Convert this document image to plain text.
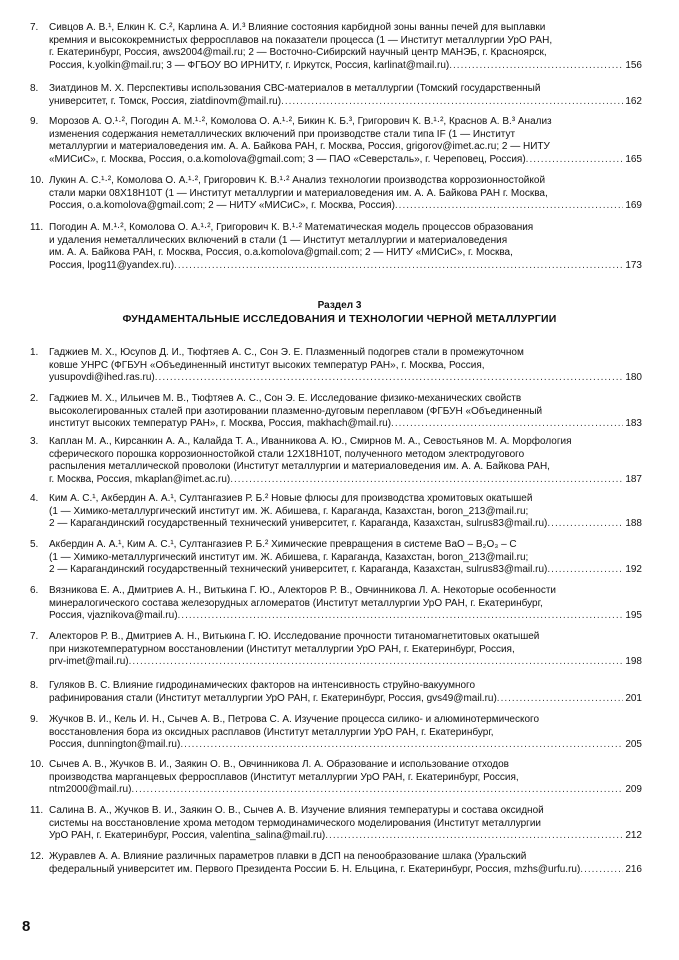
7.	Сивцов А. В.¹, Ёлкин К. С.², Карлина А. И.³ Влияние состояния карбидной зоны ванны печей для выплавки
кремния и высококремнистых ферросплавов на показатели процесса (1 — Институт металлургии УрО РАН,
г. Екатеринбург, Россия, aws2004@mail.ru; 2 — Восточно-Сибирский научный центр МАНЭБ, г. Красноярск,
Россия, k.yolkin@mail.ru; 3 — ФГБОУ ВО ИРНИТУ, г. Иркутск, Россия, karlinat@mail.ru) .....	156
8.	Зиатдинов М. Х. Перспективы использования СВС-материалов в металлургии (Томский государственный
университет, г. Томск, Россия, ziatdinovm@mail.ru) .....	162
9.	Морозов А. О.¹·², Погодин А. М.¹·², Комолова О. А.¹·², Бикин К. Б.³, Григорович К. В.¹·², Краснов А. В.³ Анализ
изменения содержания неметаллических включений при производстве стали типа IF (1 — Институт
металлургии и материаловедения им. А. А. Байкова РАН, г. Москва, Россия, grigorov@imet.ac.ru; 2 — НИТУ
«МИСиС», г. Москва, Россия, o.a.komolova@gmail.com; 3 — ПАО «Северсталь», г. Череповец, Россия) .....	165
10. Лукин А. С.¹·², Комолова О. А.¹·², Григорович К. В.¹·² Анализ технологии производства коррозионностойкой
стали марки 08Х18Н10Т (1 — Институт металлургии и материаловедения им. А. А. Байкова РАН г. Москва,
Россия, o.a.komolova@gmail.com; 2 — НИТУ «МИСиС», г. Москва, Россия) .....	169
11. Погодин А. М.¹·², Комолова О. А.¹·², Григорович К. В.¹·² Математическая модель процессов образования
и удаления неметаллических включений в стали (1 — Институт металлургии и материаловедения
им. А. А. Байкова РАН, г. Москва, Россия, o.a.komolova@gmail.com; 2 — НИТУ «МИСиС», г. Москва,
Россия, lpog11@yandex.ru) .....	173
Раздел 3
ФУНДАМЕНТАЛЬНЫЕ ИССЛЕДОВАНИЯ И ТЕХНОЛОГИИ ЧЕРНОЙ МЕТАЛЛУРГИИ
1.	Гаджиев М. Х., Юсупов Д. И., Тюфтяев А. С., Сон Э. Е. Плазменный подогрев стали в промежуточном
ковше УНРС (ФГБУН «Объединенный институт высоких температур РАН», г. Москва, Россия,
yusupovdi@ihed.ras.ru) .....	180
2.	Гаджиев М. Х., Ильичев М. В., Тюфтяев А. С., Сон Э. Е. Исследование физико-механических свойств
высоколегированных сталей при азотировании плазменно-дуговым переплавом (ФГБУН «Объединенный
институт высоких температур РАН», г. Москва, Россия, makhach@mail.ru) .....	183
3.	Каплан М. А., Кирсанкин А. А., Калайда Т. А., Иванникова А. Ю., Смирнов М. А., Севостьянов М. А. Морфология
сферического порошка коррозионностойкой стали 12Х18Н10Т, полученного методом электродугового
распыления металлической проволоки (Институт металлургии и материаловедения им. А. А. Байкова РАН,
г. Москва, Россия, mkaplan@imet.ac.ru) .....	187
4.	Ким А. С.¹, Акбердин А. А.¹, Султангазиев Р. Б.² Новые флюсы для производства хромитовых окатышей
(1 — Химико-металлургический институт им. Ж. Абишева, г. Караганда, Казахстан, boron_213@mail.ru;
2 — Карагандинский государственный технический университет, г. Караганда, Казахстан, sulrus83@mail.ru) .....	188
5.	Акбердин А. А.¹, Ким А. С.¹, Султангазиев Р. Б.² Химические превращения в системе BaO – B₂O₃ – C
(1 — Химико-металлургический институт им. Ж. Абишева, г. Караганда, Казахстан, boron_213@mail.ru;
2 — Карагандинский государственный технический университет, г. Караганда, Казахстан, sulrus83@mail.ru) .....	192
6.	Вязникова Е. А., Дмитриев А. Н., Витькина Г. Ю., Алекторов Р. В., Овчинникова Л. А. Некоторые особенности
минералогического состава железорудных агломератов (Институт металлургии УрО РАН, г. Екатеринбург,
Россия, vjaznikova@mail.ru) .....	195
7.	Алекторов Р. В., Дмитриев А. Н., Витькина Г. Ю. Исследование прочности титаномагнетитовых окатышей
при низкотемпературном восстановлении (Институт металлургии УрО РАН, г. Екатеринбург, Россия,
prv-imet@mail.ru) .....	198
8.	Гуляков В. С. Влияние гидродинамических факторов на интенсивность струйно-вакуумного
рафинирования стали (Институт металлургии УрО РАН, г. Екатеринбург, Россия, gvs49@mail.ru) .....	201
9.	Жучков В. И., Кель И. Н., Сычев А. В., Петрова С. А. Изучение процесса силико- и алюминотермического
восстановления бора из оксидных расплавов (Институт металлургии УрО РАН, г. Екатеринбург,
Россия, dunnington@mail.ru) .....	205
10. Сычев А. В., Жучков В. И., Заякин О. В., Овчинникова Л. А. Образование и использование отходов
производства марганцевых ферросплавов (Институт металлургии УрО РАН, г. Екатеринбург, Россия,
ntm2000@mail.ru) .....	209
11. Салина В. А., Жучков В. И., Заякин О. В., Сычев А. В. Изучение влияния температуры и состава оксидной
системы на восстановление хрома методом термодинамического моделирования (Институт металлургии
УрО РАН, г. Екатеринбург, Россия, valentina_salina@mail.ru) .....	212
12. Журавлев А. А. Влияние различных параметров плавки в ДСП на пенообразование шлака (Уральский
федеральный университет им. Первого Президента России Б. Н. Ельцина, г. Екатеринбург, Россия, mzhs@urfu.ru) .....	216
8
